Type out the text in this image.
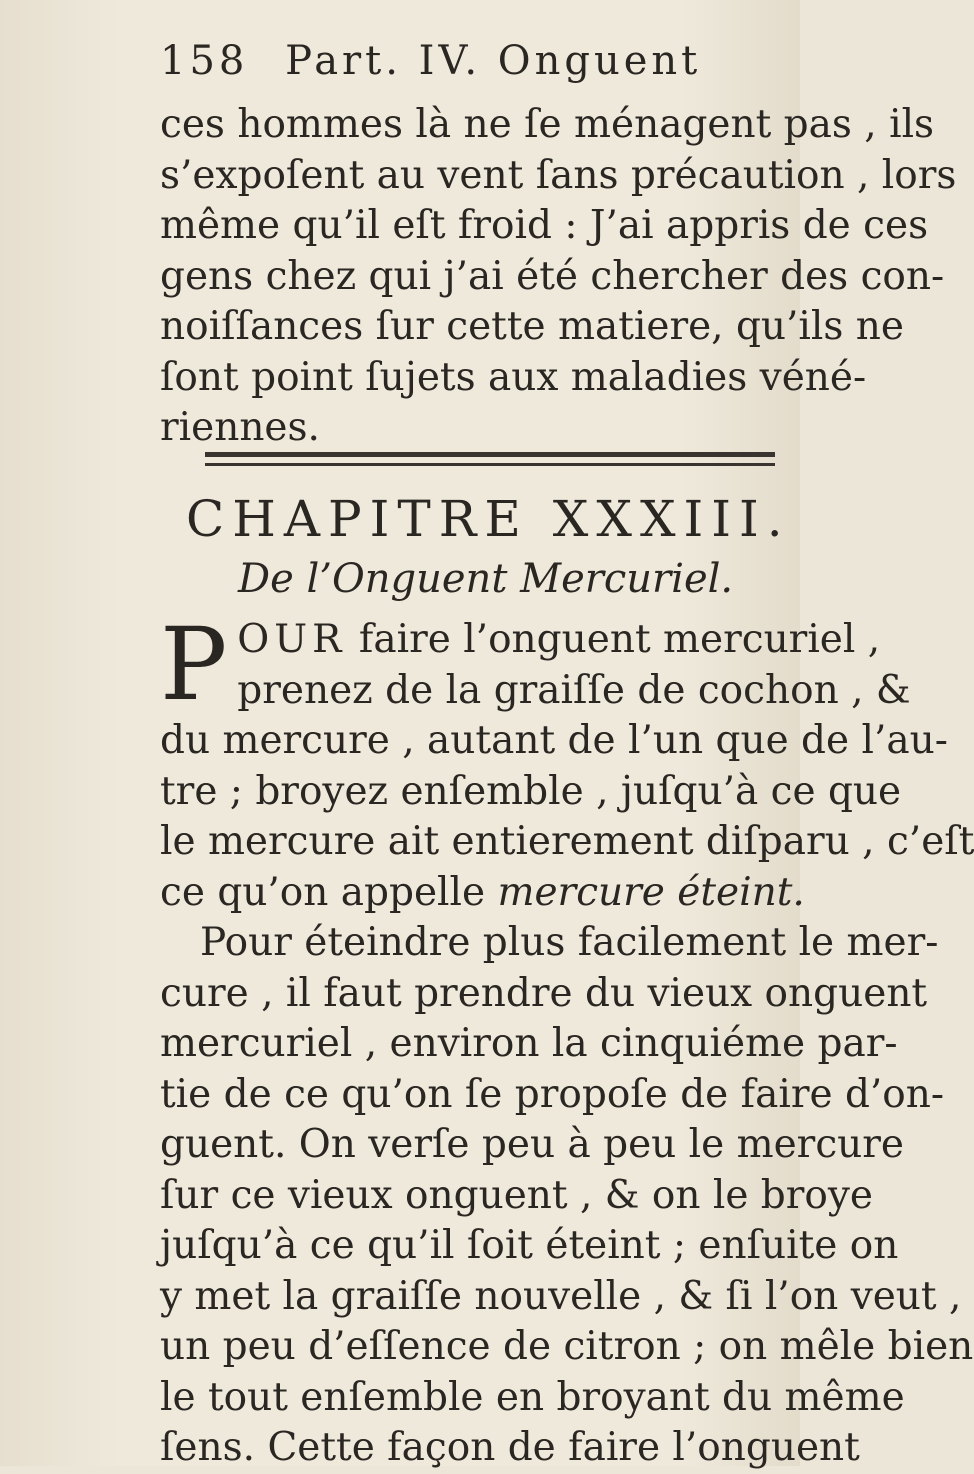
158 Part. IV. Onguent
ces hommes là ne ſe ménagent pas , ils
s’expoſent au vent ſans précaution , lors
même qu’il eſt froid : J’ai appris de ces
gens chez qui j’ai été chercher des con-
noiſſances ſur cette matiere, qu’ils ne
ſont point ſujets aux maladies véné-
riennes.
CHAPITRE XXXIII.
De l’Onguent Mercuriel.
P OUR faire l’onguent mercuriel ,
prenez de la graiſſe de cochon , &
du mercure , autant de l’un que de l’au-
tre ; broyez enſemble , juſqu’à ce que
le mercure ait entierement diſparu , c’eſt
ce qu’on appelle mercure éteint.
Pour éteindre plus facilement le mer-
cure , il faut prendre du vieux onguent
mercuriel , environ la cinquiéme par-
tie de ce qu’on ſe propoſe de faire d’on-
guent. On verſe peu à peu le mercure
ſur ce vieux onguent , & on le broye
juſqu’à ce qu’il ſoit éteint ; enſuite on
y met la graiſſe nouvelle , & ſi l’on veut ,
un peu d’eſſence de citron ; on mêle bien
le tout enſemble en broyant du même
ſens. Cette façon de faire l’onguent
